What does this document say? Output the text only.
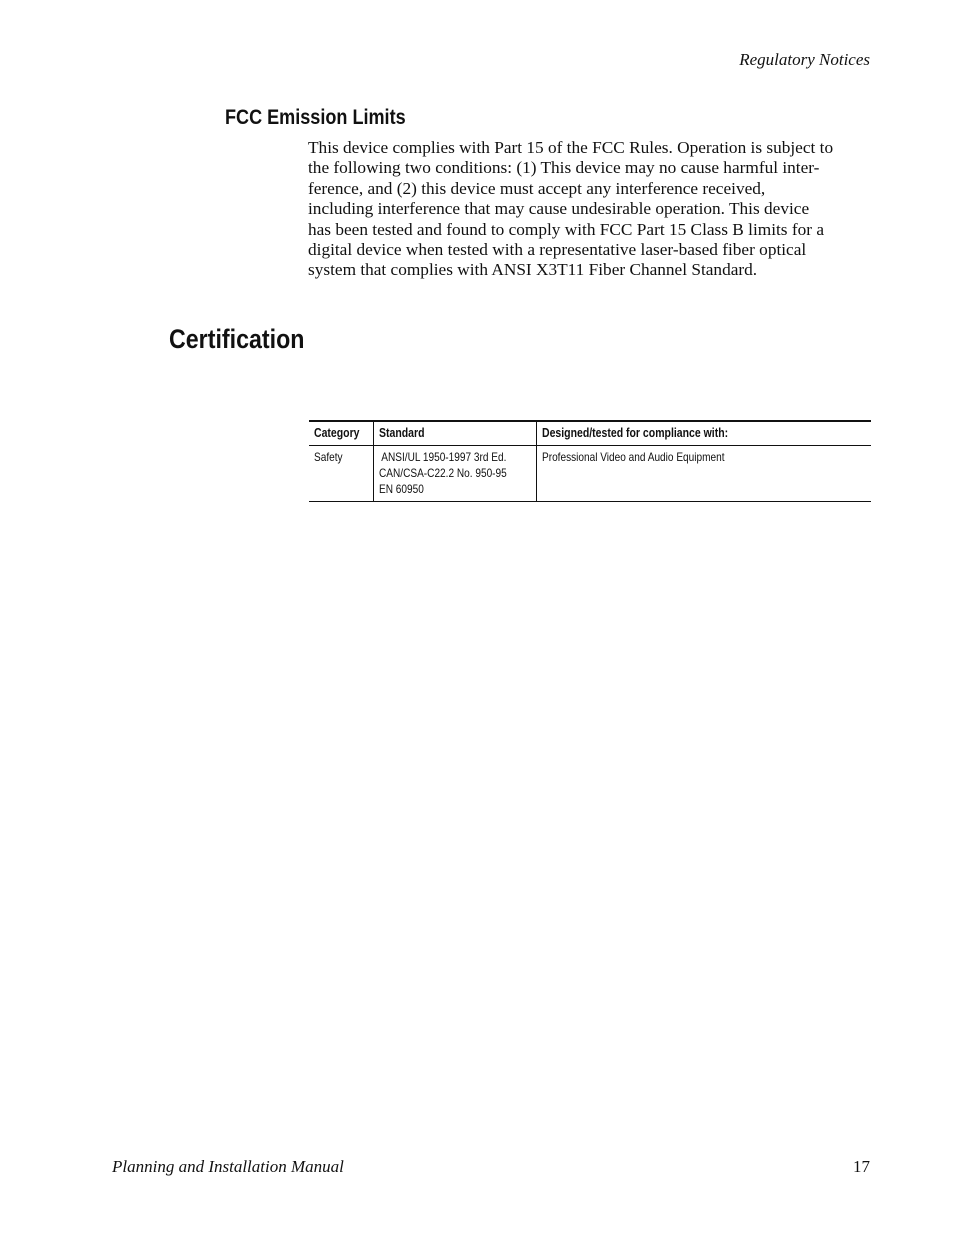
Regulatory Notices
FCC Emission Limits

This device complies with Part 15 of the FCC Rules. Operation is subject to
the following two conditions: (1) This device may no cause harmful inter-
ference, and (2) this device must accept any interference received,
including interference that may cause undesirable operation. This device
has been tested and found to comply with FCC Part 15 Class B limits for a
digital device when tested with a representative laser-based fiber optical
system that complies with ANSI X3T11 Fiber Channel Standard.

Certification
Category	Standard	Designed/tested for compliance with:
Safety	ANSI/UL 1950-1997 3rd Ed.
CAN/CSA-C22.2 No. 950-95
EN 60950	Professional Video and Audio Equipment
Planning and Installation Manual	17
